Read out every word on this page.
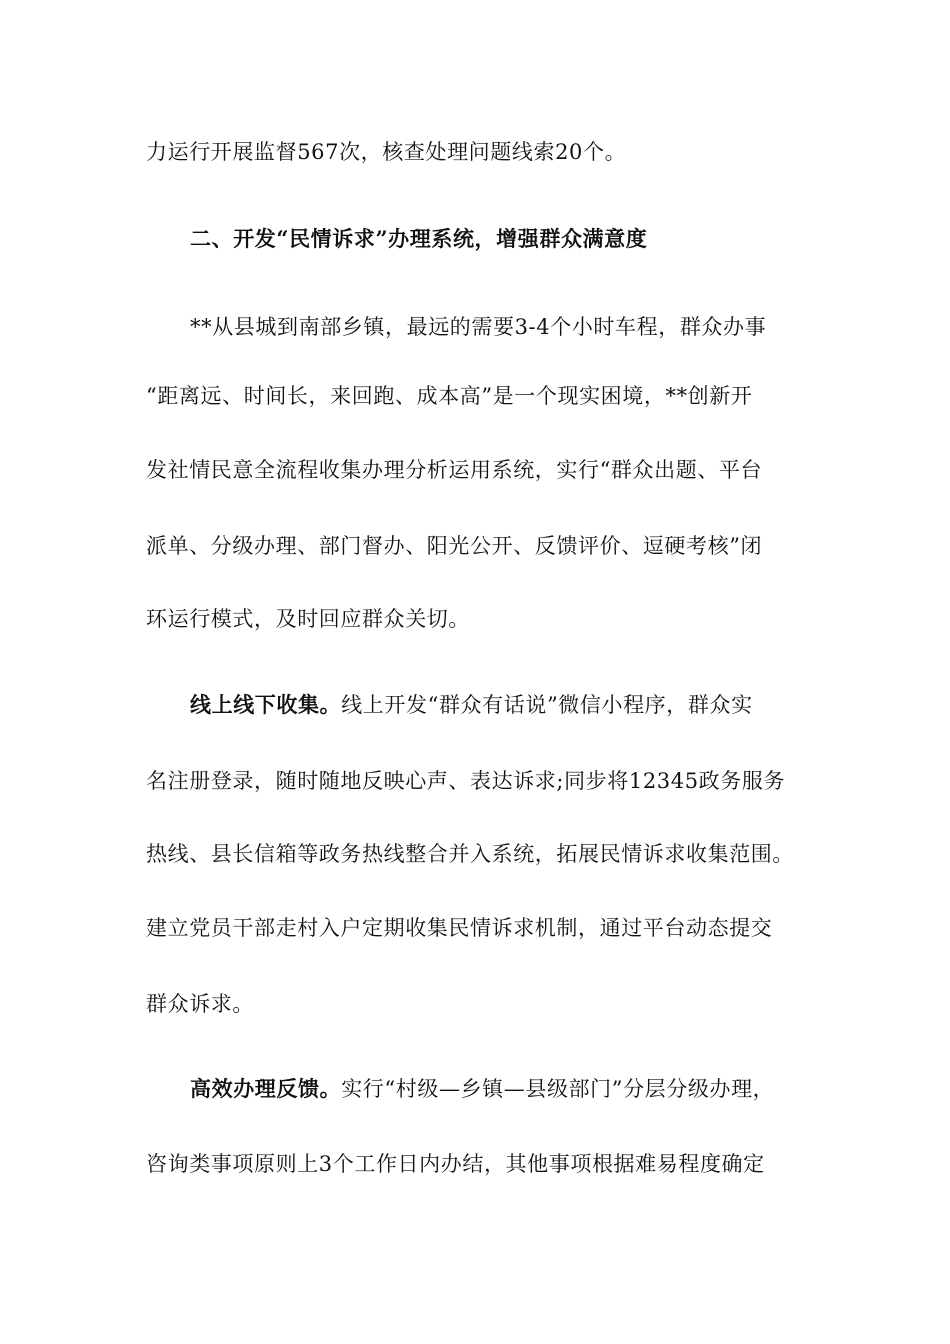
力运行开展监督567次，核查处理问题线索20个。
二、开发“民情诉求”办理系统，增强群众满意度
**从县城到南部乡镇，最远的需要3-4个小时车程，群众办事
“距离远、时间长，来回跑、成本高”是一个现实困境，**创新开
发社情民意全流程收集办理分析运用系统，实行“群众出题、平台
派单、分级办理、部门督办、阳光公开、反馈评价、逗硬考核”闭
环运行模式，及时回应群众关切。
线上线下收集。线上开发“群众有话说”微信小程序，群众实
名注册登录，随时随地反映心声、表达诉求;同步将12345政务服务
热线、县长信箱等政务热线整合并入系统，拓展民情诉求收集范围。
建立党员干部走村入户定期收集民情诉求机制，通过平台动态提交
群众诉求。
高效办理反馈。实行“村级—乡镇—县级部门”分层分级办理，
咨询类事项原则上3个工作日内办结，其他事项根据难易程度确定
